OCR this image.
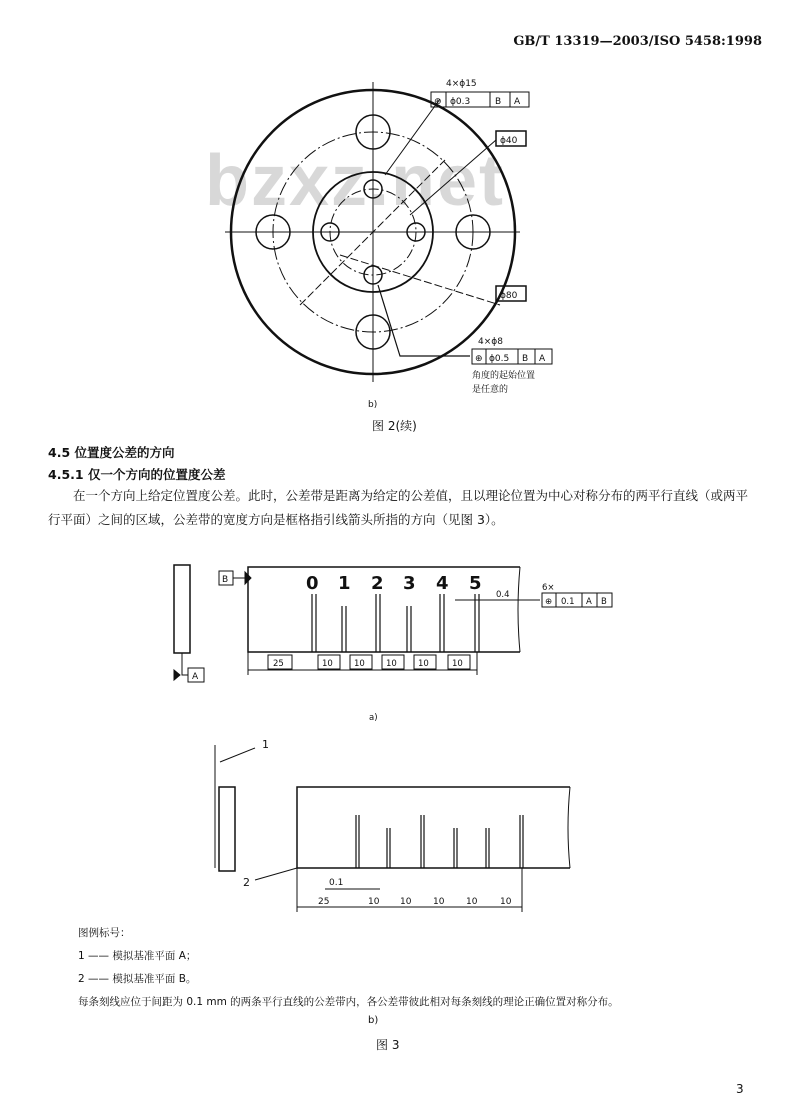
GB/T 13319—2003/ISO 5458:1998
bzxz.net
4×ϕ15
⊕ ϕ0.3	B A
ϕ40
ϕ80
4×ϕ8
⊕ ϕ0.5 B A
角度的起始位置
是任意的
b)
B
A
0 1 2 3 4 5	6×
⊕ 0.1 A B
0.4
25	10 10 10 10	10
a)
1
2	0.1
25	10 10 10 10	10
图 2(续)
4.5 位置度公差的方向
4.5.1 仅一个方向的位置度公差
在一个方向上给定位置度公差。此时，公差带是距离为给定的公差值，且以理论位置为中心对称分布的两平行直线（或两平行平面）之间的区域，公差带的宽度方向是框格指引线箭头所指的方向（见图 3）。
图例标号：
1 —— 模拟基准平面 A；
2 —— 模拟基准平面 B。
每条刻线应位于间距为 0.1 mm 的两条平行直线的公差带内，各公差带彼此相对每条刻线的理论正确位置对称分布。
b)
图 3
3
